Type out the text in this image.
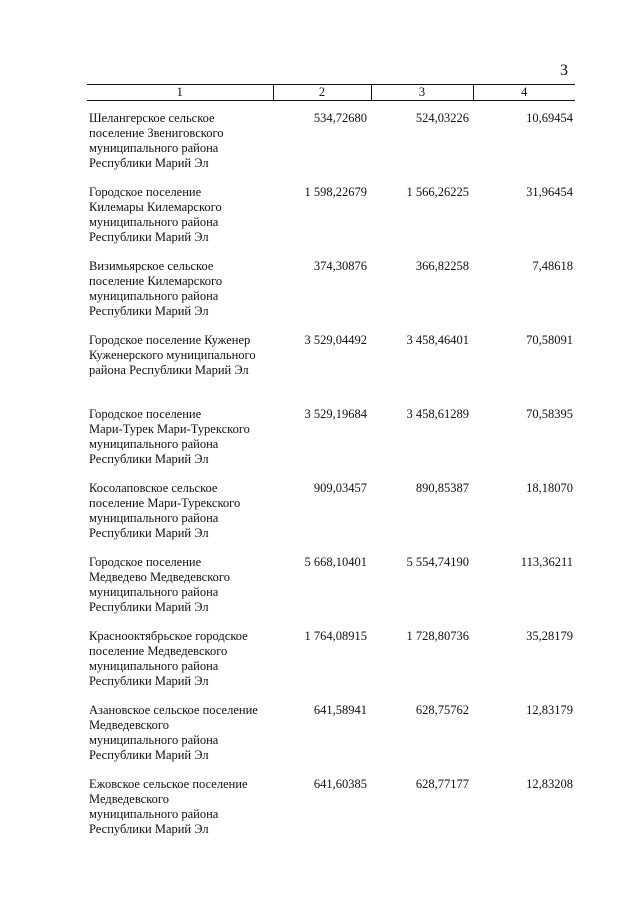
3
1	2	3	4
Шелангерское сельское
поселение Звениговского
муниципального района
Республики Марий Эл	534,72680	524,03226	10,69454
Городское поселение
Килемары Килемарского
муниципального района
Республики Марий Эл	1 598,22679	1 566,26225	31,96454
Визимьярское сельское
поселение Килемарского
муниципального района
Республики Марий Эл	374,30876	366,82258	7,48618
Городское поселение Куженер
Куженерского муниципального
района Республики Марий Эл	3 529,04492	3 458,46401	70,58091
Городское поселение
Мари-Турек Мари-Турекского
муниципального района
Республики Марий Эл	3 529,19684	3 458,61289	70,58395
Косолаповское сельское
поселение Мари-Турекского
муниципального района
Республики Марий Эл	909,03457	890,85387	18,18070
Городское поселение
Медведево Медведевского
муниципального района
Республики Марий Эл	5 668,10401	5 554,74190	113,36211
Краснооктябрьское городское
поселение Медведевского
муниципального района
Республики Марий Эл	1 764,08915	1 728,80736	35,28179
Азановское сельское поселение
Медведевского
муниципального района
Республики Марий Эл	641,58941	628,75762	12,83179
Ежовское сельское поселение
Медведевского
муниципального района
Республики Марий Эл	641,60385	628,77177	12,83208
